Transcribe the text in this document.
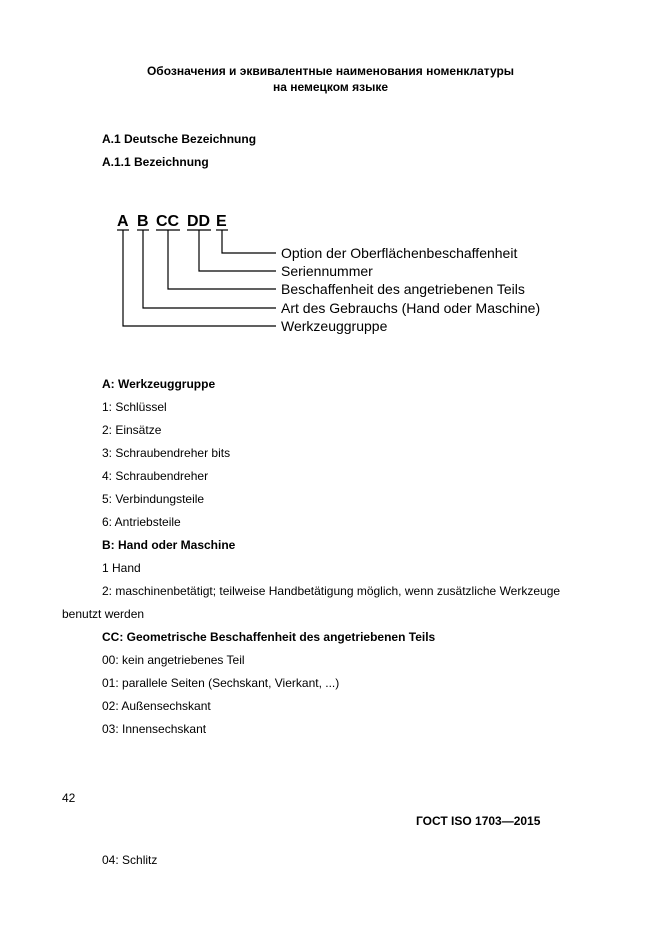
Обозначения и эквивалентные наименования номенклатуры
на немецком языке
A.1 Deutsche Bezeichnung
A.1.1 Bezeichnung
A B CC DD E
Option der Oberflächenbeschaffenheit
Seriennummer
Beschaffenheit des angetriebenen Teils
Art des Gebrauchs (Hand oder Maschine)
Werkzeuggruppe
A: Werkzeuggruppe
1: Schlüssel
2: Einsätze
3: Schraubendreher bits
4: Schraubendreher
5: Verbindungsteile
6: Antriebsteile
B: Hand oder Maschine
1 Hand
2: maschinenbetätigt; teilweise Handbetätigung möglich, wenn zusätzliche Werkzeuge
benutzt werden
CC: Geometrische Beschaffenheit des angetriebenen Teils
00: kein angetriebenes Teil
01: parallele Seiten (Sechskant, Vierkant, ...)
02: Außensechskant
03: Innensechskant
42
ГОСТ ISO 1703—2015
04: Schlitz
